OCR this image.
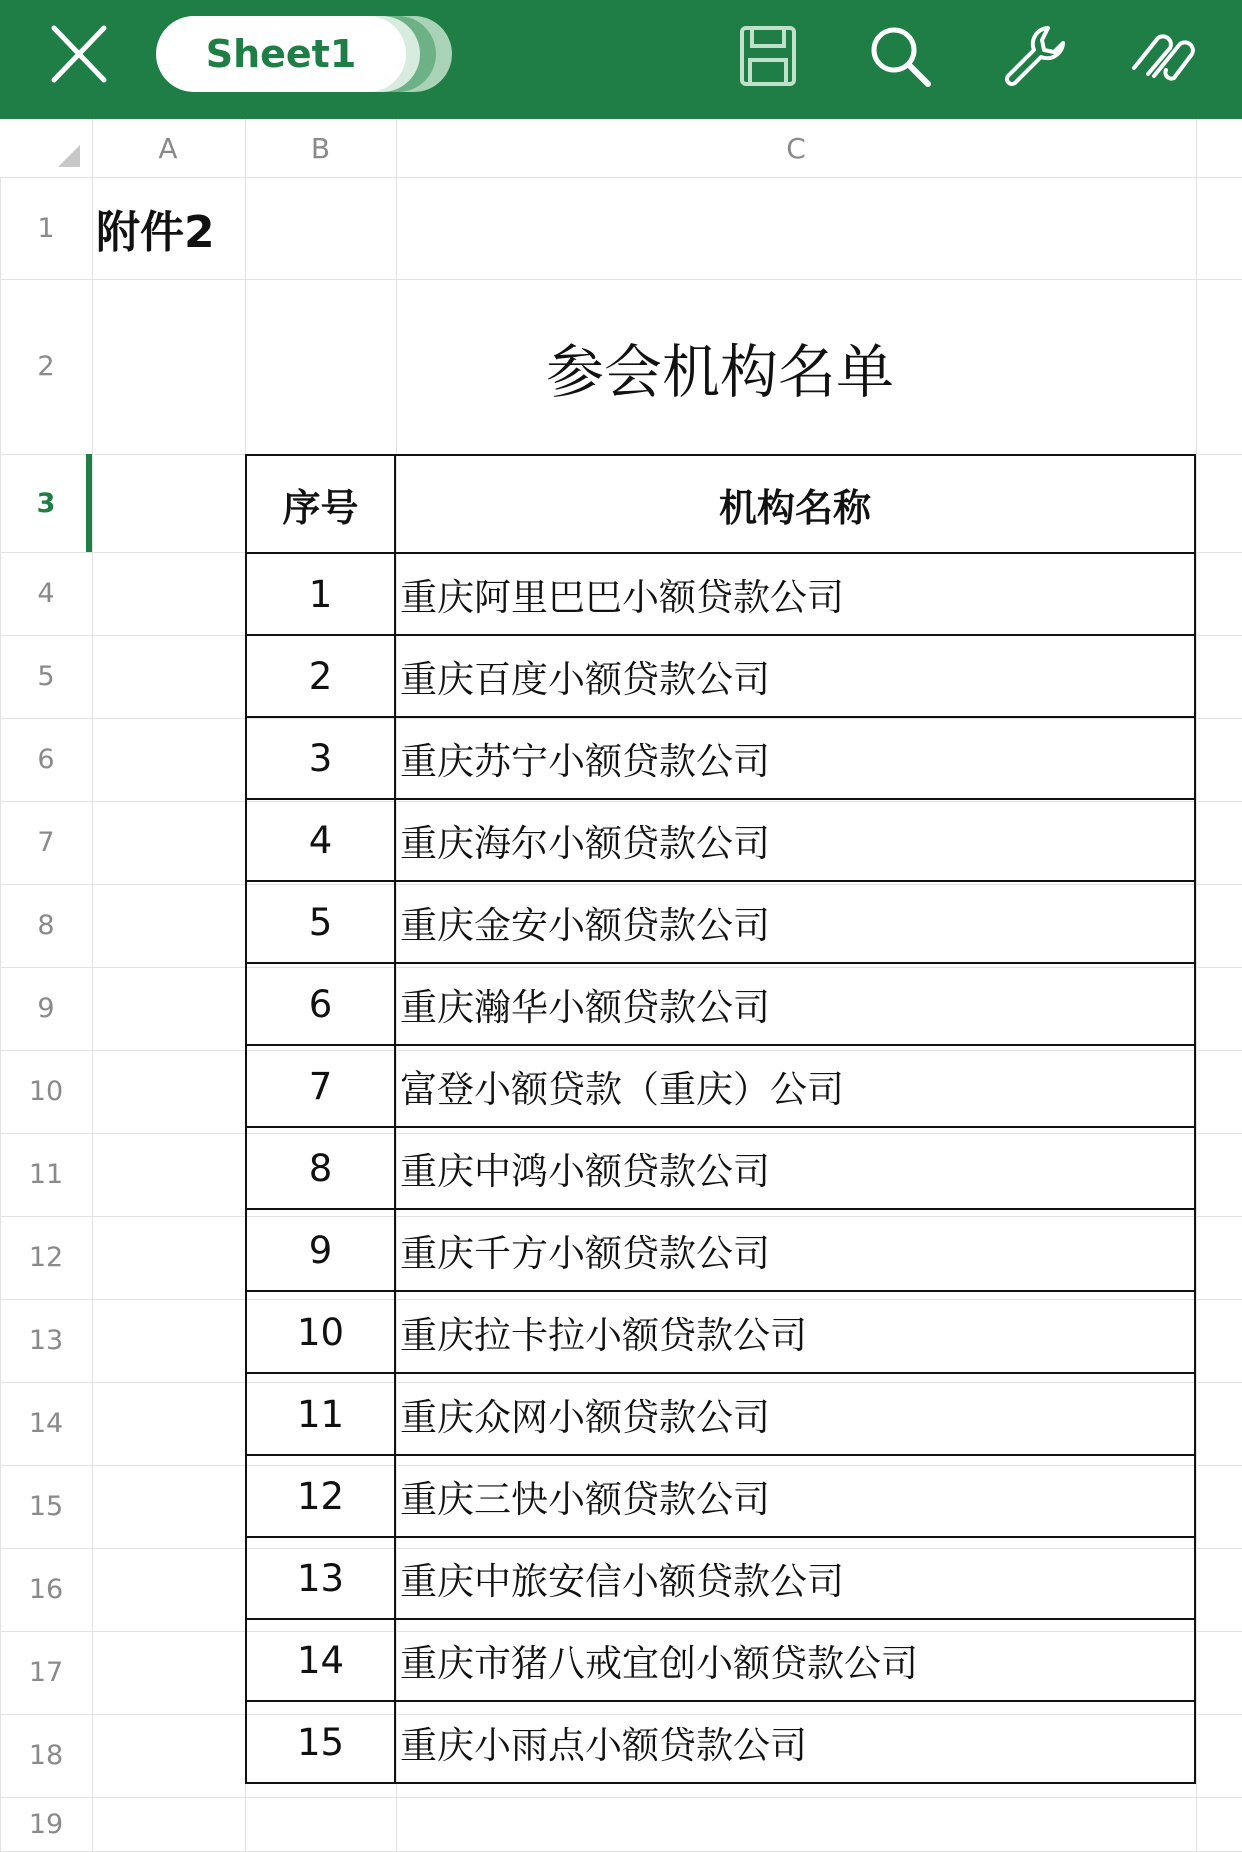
Sheet1
A	B	C
1
2
3
4
5
6
7
8
9
10
11
12
13
14
15
16
17
18
19
附件2
参会机构名单
序号	机构名称
1	重庆阿里巴巴小额贷款公司
2	重庆百度小额贷款公司
3	重庆苏宁小额贷款公司
4	重庆海尔小额贷款公司
5	重庆金安小额贷款公司
6	重庆瀚华小额贷款公司
7	富登小额贷款（重庆）公司
8	重庆中鸿小额贷款公司
9	重庆千方小额贷款公司
10	重庆拉卡拉小额贷款公司
11	重庆众网小额贷款公司
12	重庆三快小额贷款公司
13	重庆中旅安信小额贷款公司
14	重庆市猪八戒宜创小额贷款公司
15	重庆小雨点小额贷款公司
